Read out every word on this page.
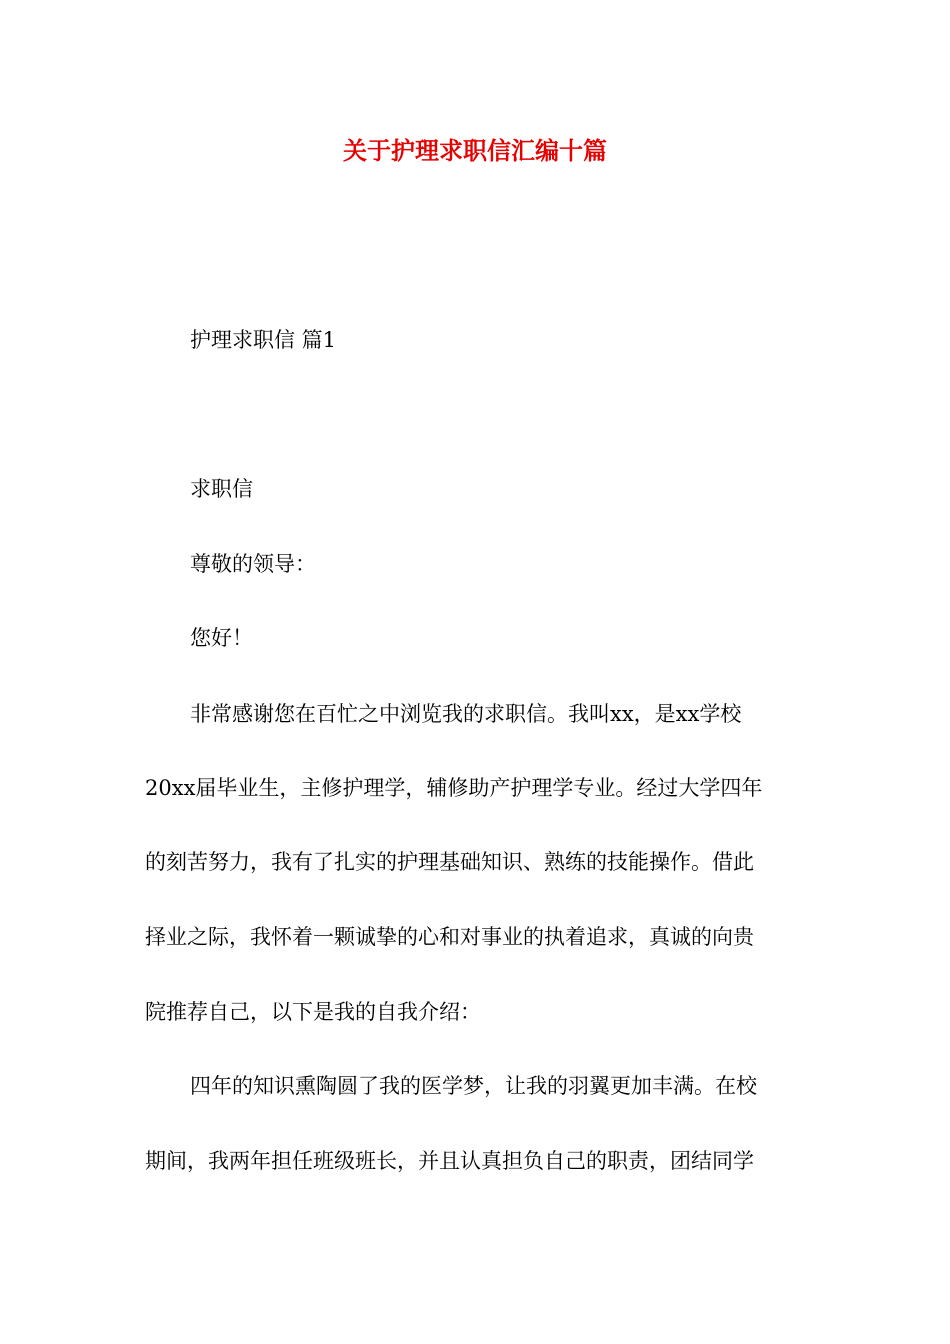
关于护理求职信汇编十篇
护理求职信 篇1
求职信
尊敬的领导：
您好！
非常感谢您在百忙之中浏览我的求职信。我叫xx，是xx学校
20xx届毕业生，主修护理学，辅修助产护理学专业。经过大学四年
的刻苦努力，我有了扎实的护理基础知识、熟练的技能操作。借此
择业之际，我怀着一颗诚挚的心和对事业的执着追求，真诚的向贵
院推荐自己，以下是我的自我介绍：
四年的知识熏陶圆了我的医学梦，让我的羽翼更加丰满。在校
期间，我两年担任班级班长，并且认真担负自己的职责，团结同学
